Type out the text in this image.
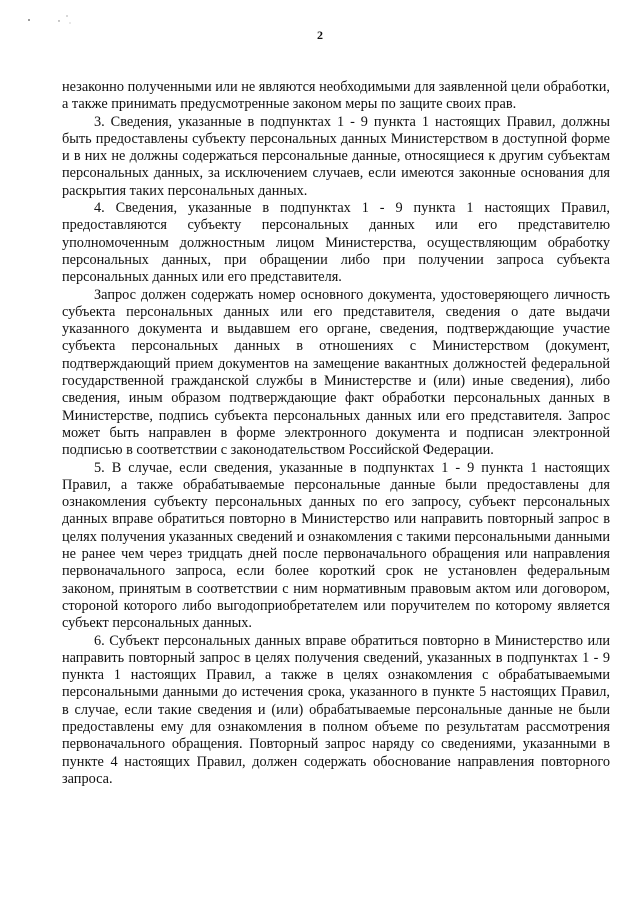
2

незаконно полученными или не являются необходимыми для заявленной цели обработки, а также принимать предусмотренные законом меры по защите своих прав.

3. Сведения, указанные в подпунктах 1 - 9 пункта 1 настоящих Правил, должны быть предоставлены субъекту персональных данных Министерством в доступной форме и в них не должны содержаться персональные данные, относящиеся к другим субъектам персональных данных, за исключением случаев, если имеются законные основания для раскрытия таких персональных данных.

4. Сведения, указанные в подпунктах 1 - 9 пункта 1 настоящих Правил, предоставляются субъекту персональных данных или его представителю уполномоченным должностным лицом Министерства, осуществляющим обработку персональных данных, при обращении либо при получении запроса субъекта персональных данных или его представителя.

Запрос должен содержать номер основного документа, удостоверяющего личность субъекта персональных данных или его представителя, сведения о дате выдачи указанного документа и выдавшем его органе, сведения, подтверждающие участие субъекта персональных данных в отношениях с Министерством (документ, подтверждающий прием документов на замещение вакантных должностей федеральной государственной гражданской службы в Министерстве и (или) иные сведения), либо сведения, иным образом подтверждающие факт обработки персональных данных в Министерстве, подпись субъекта персональных данных или его представителя. Запрос может быть направлен в форме электронного документа и подписан электронной подписью в соответствии с законодательством Российской Федерации.

5. В случае, если сведения, указанные в подпунктах 1 - 9 пункта 1 настоящих Правил, а также обрабатываемые персональные данные были предоставлены для ознакомления субъекту персональных данных по его запросу, субъект персональных данных вправе обратиться повторно в Министерство или направить повторный запрос в целях получения указанных сведений и ознакомления с такими персональными данными не ранее чем через тридцать дней после первоначального обращения или направления первоначального запроса, если более короткий срок не установлен федеральным законом, принятым в соответствии с ним нормативным правовым актом или договором, стороной которого либо выгодоприобретателем или поручителем по которому является субъект персональных данных.

6. Субъект персональных данных вправе обратиться повторно в Министерство или направить повторный запрос в целях получения сведений, указанных в подпунктах 1 - 9 пункта 1 настоящих Правил, а также в целях ознакомления с обрабатываемыми персональными данными до истечения срока, указанного в пункте 5 настоящих Правил, в случае, если такие сведения и (или) обрабатываемые персональные данные не были предоставлены ему для ознакомления в полном объеме по результатам рассмотрения первоначального обращения. Повторный запрос наряду со сведениями, указанными в пункте 4 настоящих Правил, должен содержать обоснование направления повторного запроса.
